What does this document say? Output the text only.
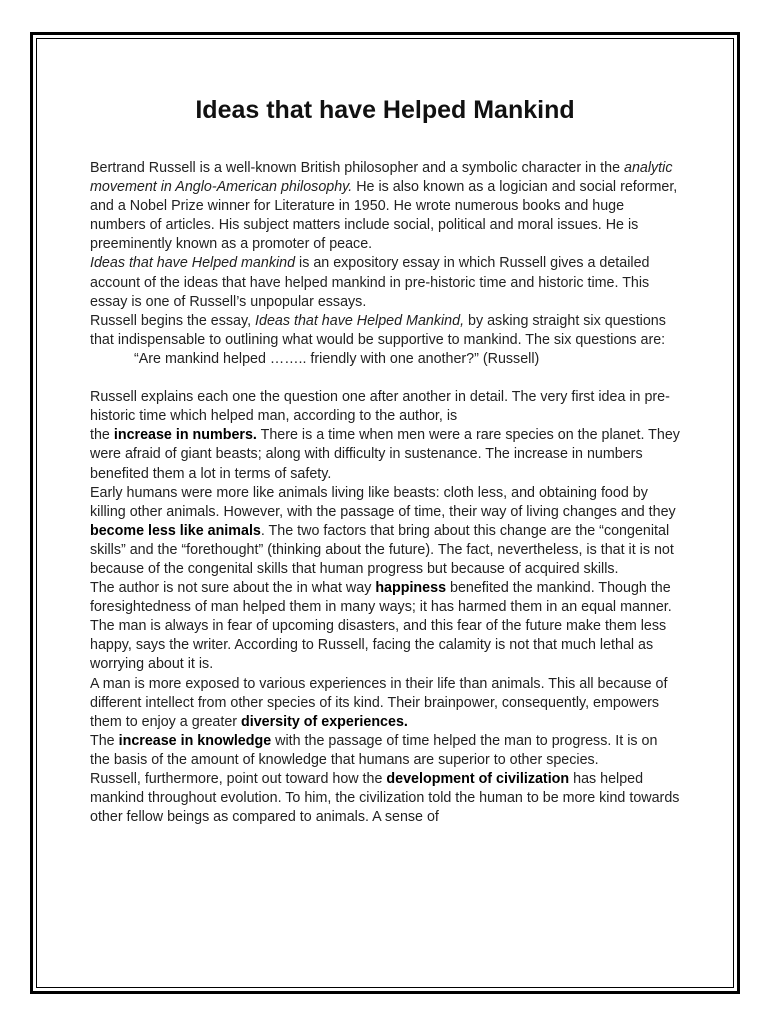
Ideas that have Helped Mankind

Bertrand Russell is a well-known British philosopher and a symbolic character in the analytic movement in Anglo-American philosophy. He is also known as a logician and social reformer, and a Nobel Prize winner for Literature in 1950. He wrote numerous books and huge numbers of articles. His subject matters include social, political and moral issues. He is preeminently known as a promoter of peace.

Ideas that have Helped mankind is an expository essay in which Russell gives a detailed account of the ideas that have helped mankind in pre-historic time and historic time. This essay is one of Russell’s unpopular essays.

Russell begins the essay, Ideas that have Helped Mankind, by asking straight six questions that indispensable to outlining what would be supportive to mankind. The six questions are:

“Are mankind helped …….. friendly with one another?” (Russell)

Russell explains each one the question one after another in detail. The very first idea in pre-historic time which helped man, according to the author, is
the increase in numbers. There is a time when men were a rare species on the planet. They were afraid of giant beasts; along with difficulty in sustenance. The increase in numbers benefited them a lot in terms of safety.

Early humans were more like animals living like beasts: cloth less, and obtaining food by killing other animals. However, with the passage of time, their way of living changes and they become less like animals. The two factors that bring about this change are the “congenital skills” and the “forethought” (thinking about the future). The fact, nevertheless, is that it is not because of the congenital skills that human progress but because of acquired skills.

The author is not sure about the in what way happiness benefited the mankind. Though the foresightedness of man helped them in many ways; it has harmed them in an equal manner. The man is always in fear of upcoming disasters, and this fear of the future make them less happy, says the writer. According to Russell, facing the calamity is not that much lethal as worrying about it is.

A man is more exposed to various experiences in their life than animals. This all because of different intellect from other species of its kind. Their brainpower, consequently, empowers them to enjoy a greater diversity of experiences.

The increase in knowledge with the passage of time helped the man to progress. It is on the basis of the amount of knowledge that humans are superior to other species.

Russell, furthermore, point out toward how the development of civilization has helped mankind throughout evolution. To him, the civilization told the human to be more kind towards other fellow beings as compared to animals. A sense of
